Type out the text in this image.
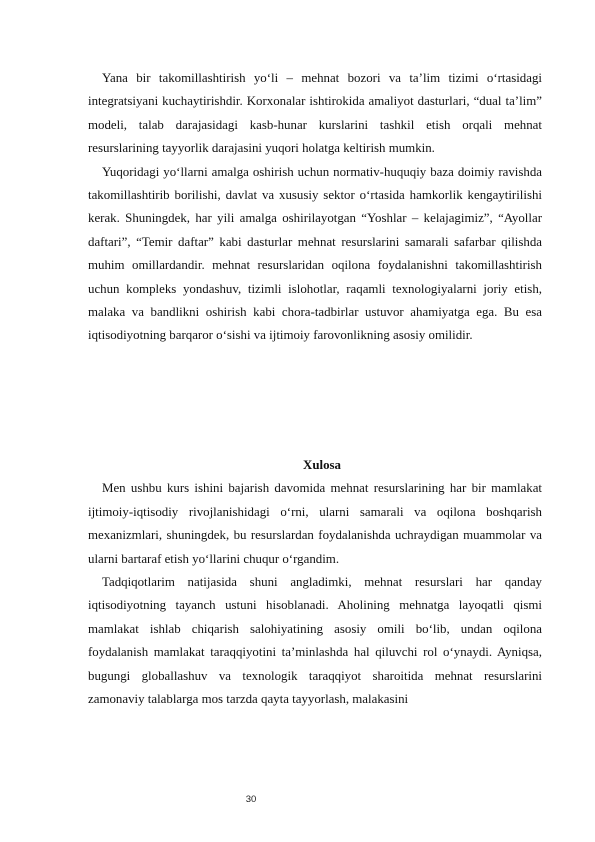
Yana bir takomillashtirish yo‘li – mehnat bozori va ta’lim tizimi o‘rtasidagi integratsiyani kuchaytirishdir. Korxonalar ishtirokida amaliyot dasturlari, “dual ta’lim” modeli, talab darajasidagi kasb-hunar kurslarini tashkil etish orqali mehnat resurslarining tayyorlik darajasini yuqori holatga keltirish mumkin.

Yuqoridagi yo‘llarni amalga oshirish uchun normativ-huquqiy baza doimiy ravishda takomillashtirib borilishi, davlat va xususiy sektor o‘rtasida hamkorlik kengaytirilishi kerak. Shuningdek, har yili amalga oshirilayotgan “Yoshlar – kelajagimiz”, “Ayollar daftari”, “Temir daftar” kabi dasturlar mehnat resurslarini samarali safarbar qilishda muhim omillardandir. mehnat resurslaridan oqilona foydalanishni takomillashtirish uchun kompleks yondashuv, tizimli islohotlar, raqamli texnologiyalarni joriy etish, malaka va bandlikni oshirish kabi chora-tadbirlar ustuvor ahamiyatga ega. Bu esa iqtisodiyotning barqaror o‘sishi va ijtimoiy farovonlikning asosiy omilidir.

Xulosa

Men ushbu kurs ishini bajarish davomida mehnat resurslarining har bir mamlakat ijtimoiy-iqtisodiy rivojlanishidagi o‘rni, ularni samarali va oqilona boshqarish mexanizmlari, shuningdek, bu resurslardan foydalanishda uchraydigan muammolar va ularni bartaraf etish yo‘llarini chuqur o‘rgandim.

Tadqiqotlarim natijasida shuni angladimki, mehnat resurslari har qanday iqtisodiyotning tayanch ustuni hisoblanadi. Aholining mehnatga layoqatli qismi mamlakat ishlab chiqarish salohiyatining asosiy omili bo‘lib, undan oqilona foydalanish mamlakat taraqqiyotini ta’minlashda hal qiluvchi rol o‘ynaydi. Ayniqsa, bugungi globallashuv va texnologik taraqqiyot sharoitida mehnat resurslarini zamonaviy talablarga mos tarzda qayta tayyorlash, malakasini

30
